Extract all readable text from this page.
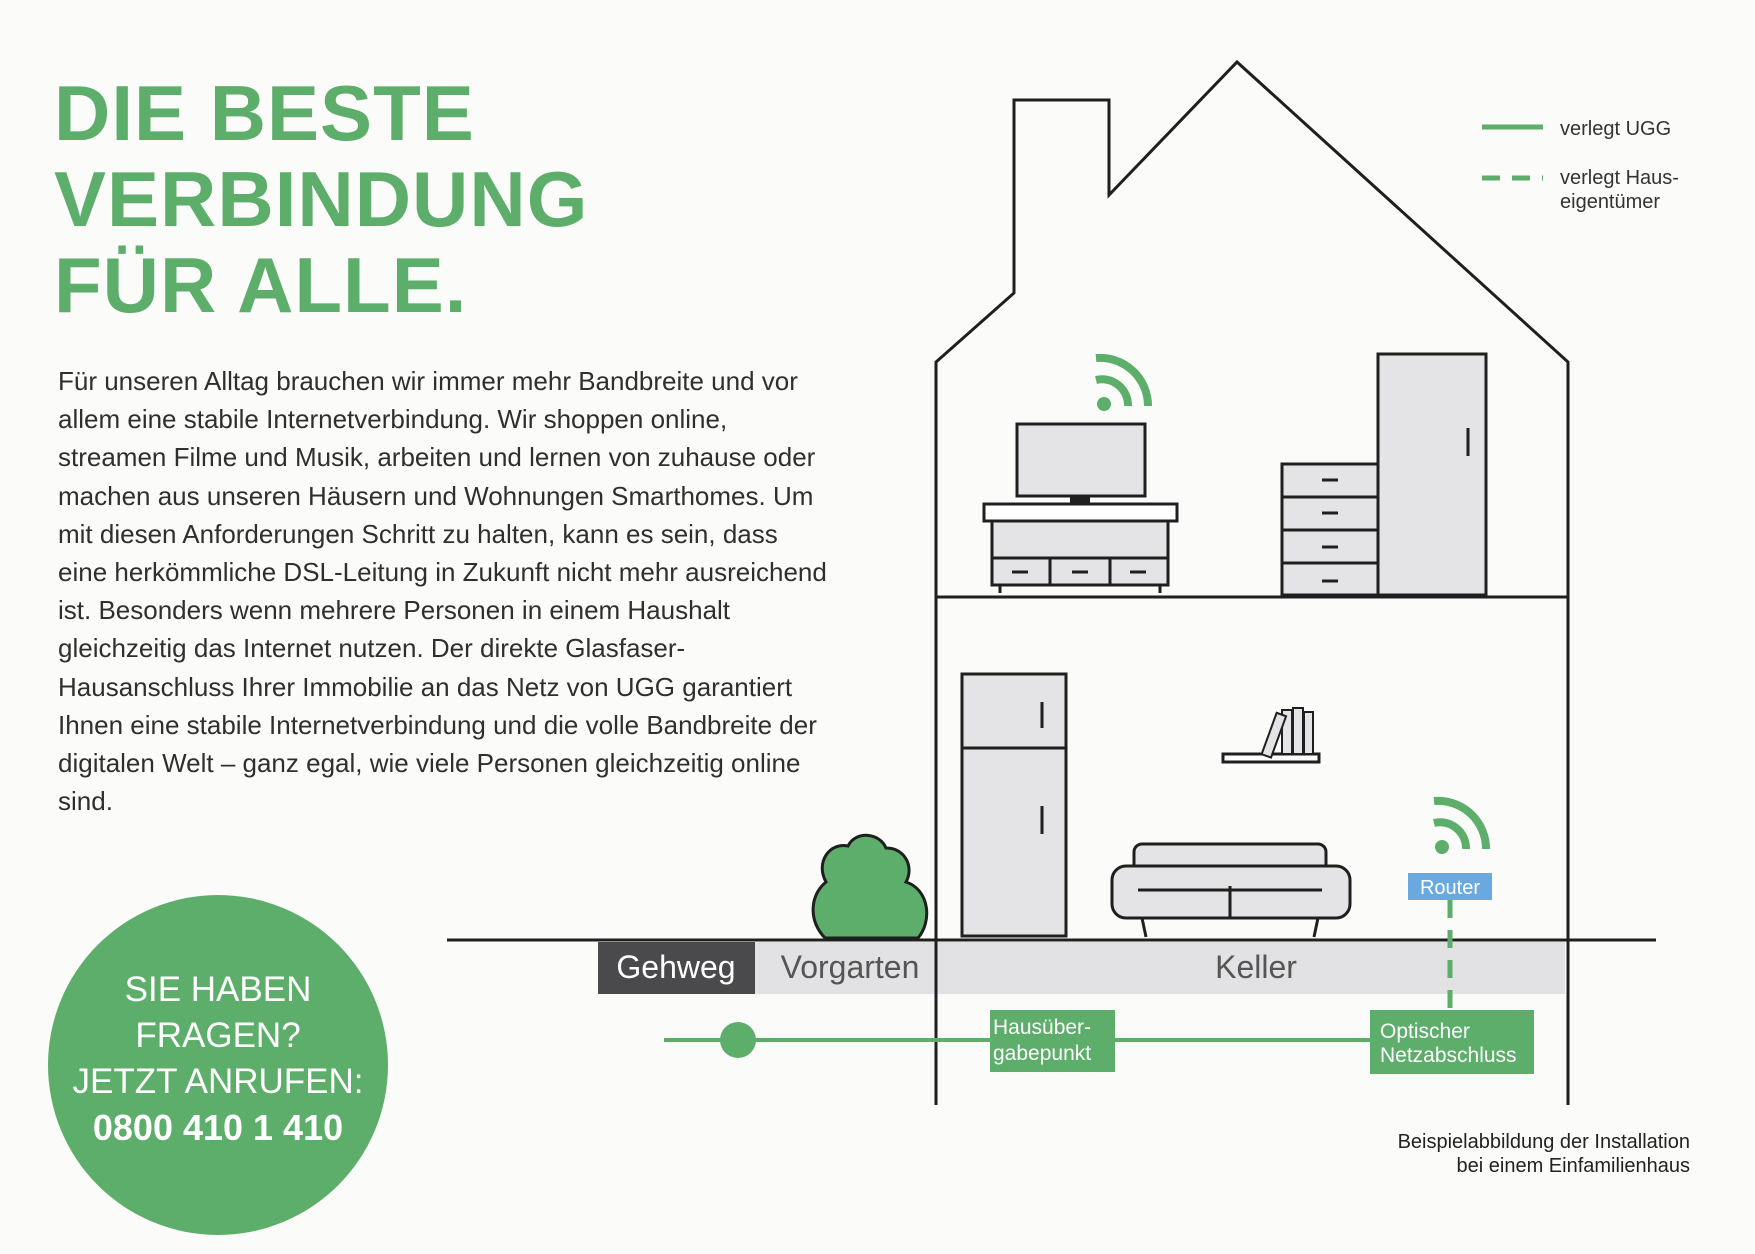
DIE BESTE
VERBINDUNG
FÜR ALLE.

Für unseren Alltag brauchen wir immer mehr Bandbreite und vor allem eine stabile Internetverbindung. Wir shoppen online, streamen Filme und Musik, arbeiten und lernen von zuhause oder machen aus unseren Häusern und Wohnungen Smarthomes. Um mit diesen Anforderungen Schritt zu halten, kann es sein, dass eine herkömmliche DSL-Leitung in Zukunft nicht mehr ausreichend ist. Besonders wenn mehrere Personen in einem Haushalt gleichzeitig das Internet nutzen. Der direkte Glasfaser-Hausanschluss Ihrer Immobilie an das Netz von UGG garantiert Ihnen eine stabile Internetverbindung und die volle Bandbreite der digitalen Welt – ganz egal, wie viele Personen gleichzeitig online sind.

SIE HABEN
FRAGEN?
JETZT ANRUFEN:
0800 410 1 410
Gehweg Vorgarten	Keller
Hausüber-
gabepunkt
Optischer
Netzabschluss
Router
verlegt UGG
verlegt Haus-
eigentümer

Beispielabbildung der Installation
bei einem Einfamilienhaus
